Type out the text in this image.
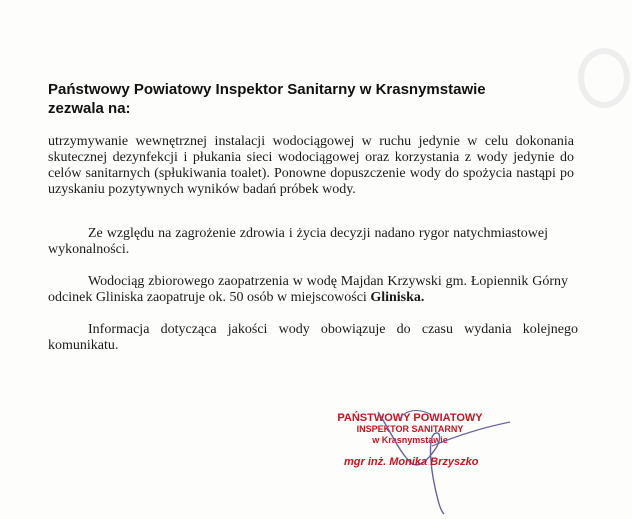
Państwowy Powiatowy Inspektor Sanitarny w Krasnymstawie
zezwala na:
utrzymywanie wewnętrznej instalacji wodociągowej w ruchu jedynie w celu dokonania skutecznej dezynfekcji i płukania sieci wodociągowej oraz korzystania z wody jedynie do celów sanitarnych (spłukiwania toalet). Ponowne dopuszczenie wody do spożycia nastąpi po uzyskaniu pozytywnych wyników badań próbek wody.
Ze względu na zagrożenie zdrowia i życia decyzji nadano rygor natychmiastowej wykonalności.
Wodociąg zbiorowego zaopatrzenia w wodę Majdan Krzywski gm. Łopiennik Górny odcinek Gliniska zaopatruje ok. 50 osób w miejscowości Gliniska.
Informacja dotycząca jakości wody obowiązuje do czasu wydania kolejnego komunikatu.
PAŃSTWOWY POWIATOWY
INSPEKTOR SANITARNY
w Krasnymstawie
mgr inż. Monika Brzyszko
